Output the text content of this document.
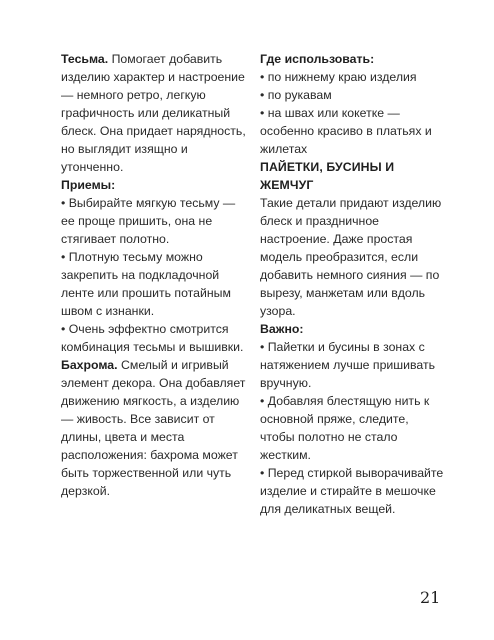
Тесьма. Помогает добавить изделию характер и настроение — немного ретро, легкую графичность или деликатный блеск. Она придает нарядность, но выглядит изящно и утонченно.

Приемы:

• Выбирайте мягкую тесьму — ее проще пришить, она не стягивает полотно.

• Плотную тесьму можно закрепить на подкладочной ленте или прошить потайным швом с изнанки.

• Очень эффектно смотрится комбинация тесьмы и вышивки.

Бахрома. Смелый и игривый элемент декора. Она добавляет движению мягкость, а изделию — живость. Все зависит от длины, цвета и места расположения: бахрома может быть торжественной или чуть дерзкой.

Где использовать:

• по нижнему краю изделия

• по рукавам

• на швах или кокетке — особенно красиво в платьях и жилетах

ПАЙЕТКИ, БУСИНЫ И ЖЕМЧУГ

Такие детали придают изделию блеск и праздничное настроение. Даже простая модель преобразится, если добавить немного сияния — по вырезу, манжетам или вдоль узора.

Важно:

• Пайетки и бусины в зонах с натяжением лучше пришивать вручную.

• Добавляя блестящую нить к основной пряже, следите, чтобы полотно не стало жестким.

• Перед стиркой выворачивайте изделие и стирайте в мешочке для деликатных вещей.

21
